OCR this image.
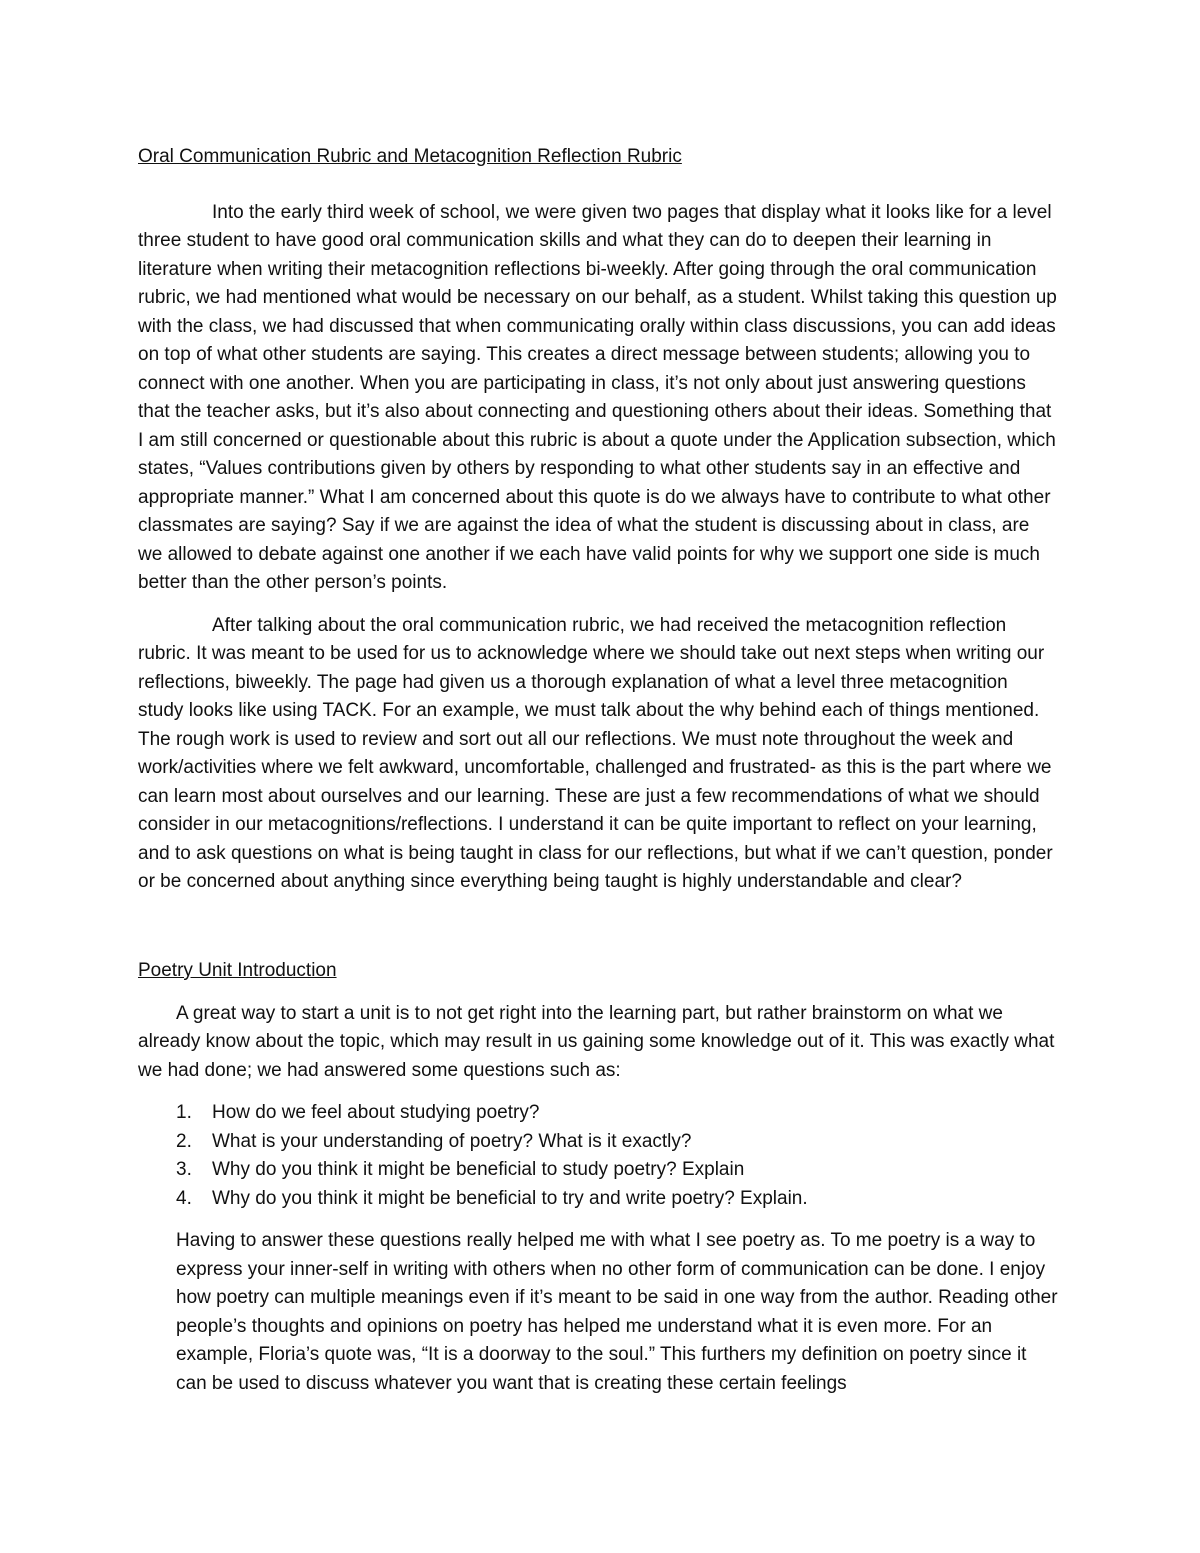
Oral Communication Rubric and Metacognition Reflection Rubric

Into the early third week of school, we were given two pages that display what it looks like for a level three student to have good oral communication skills and what they can do to deepen their learning in literature when writing their metacognition reflections bi-weekly. After going through the oral communication rubric, we had mentioned what would be necessary on our behalf, as a student. Whilst taking this question up with the class, we had discussed that when communicating orally within class discussions, you can add ideas on top of what other students are saying. This creates a direct message between students; allowing you to connect with one another. When you are participating in class, it’s not only about just answering questions that the teacher asks, but it’s also about connecting and questioning others about their ideas. Something that I am still concerned or questionable about this rubric is about a quote under the Application subsection, which states, “Values contributions given by others by responding to what other students say in an effective and appropriate manner.” What I am concerned about this quote is do we always have to contribute to what other classmates are saying? Say if we are against the idea of what the student is discussing about in class, are we allowed to debate against one another if we each have valid points for why we support one side is much better than the other person’s points.

After talking about the oral communication rubric, we had received the metacognition reflection rubric. It was meant to be used for us to acknowledge where we should take out next steps when writing our reflections, biweekly. The page had given us a thorough explanation of what a level three metacognition study looks like using TACK. For an example, we must talk about the why behind each of things mentioned. The rough work is used to review and sort out all our reflections. We must note throughout the week and work/activities where we felt awkward, uncomfortable, challenged and frustrated- as this is the part where we can learn most about ourselves and our learning. These are just a few recommendations of what we should consider in our metacognitions/reflections. I understand it can be quite important to reflect on your learning, and to ask questions on what is being taught in class for our reflections, but what if we can’t question, ponder or be concerned about anything since everything being taught is highly understandable and clear?

Poetry Unit Introduction

A great way to start a unit is to not get right into the learning part, but rather brainstorm on what we already know about the topic, which may result in us gaining some knowledge out of it. This was exactly what we had done; we had answered some questions such as:

1. How do we feel about studying poetry?
2. What is your understanding of poetry? What is it exactly?
3. Why do you think it might be beneficial to study poetry? Explain
4. Why do you think it might be beneficial to try and write poetry? Explain.

Having to answer these questions really helped me with what I see poetry as. To me poetry is a way to express your inner-self in writing with others when no other form of communication can be done. I enjoy how poetry can multiple meanings even if it’s meant to be said in one way from the author. Reading other people’s thoughts and opinions on poetry has helped me understand what it is even more. For an example, Floria’s quote was, “It is a doorway to the soul.” This furthers my definition on poetry since it can be used to discuss whatever you want that is creating these certain feelings
